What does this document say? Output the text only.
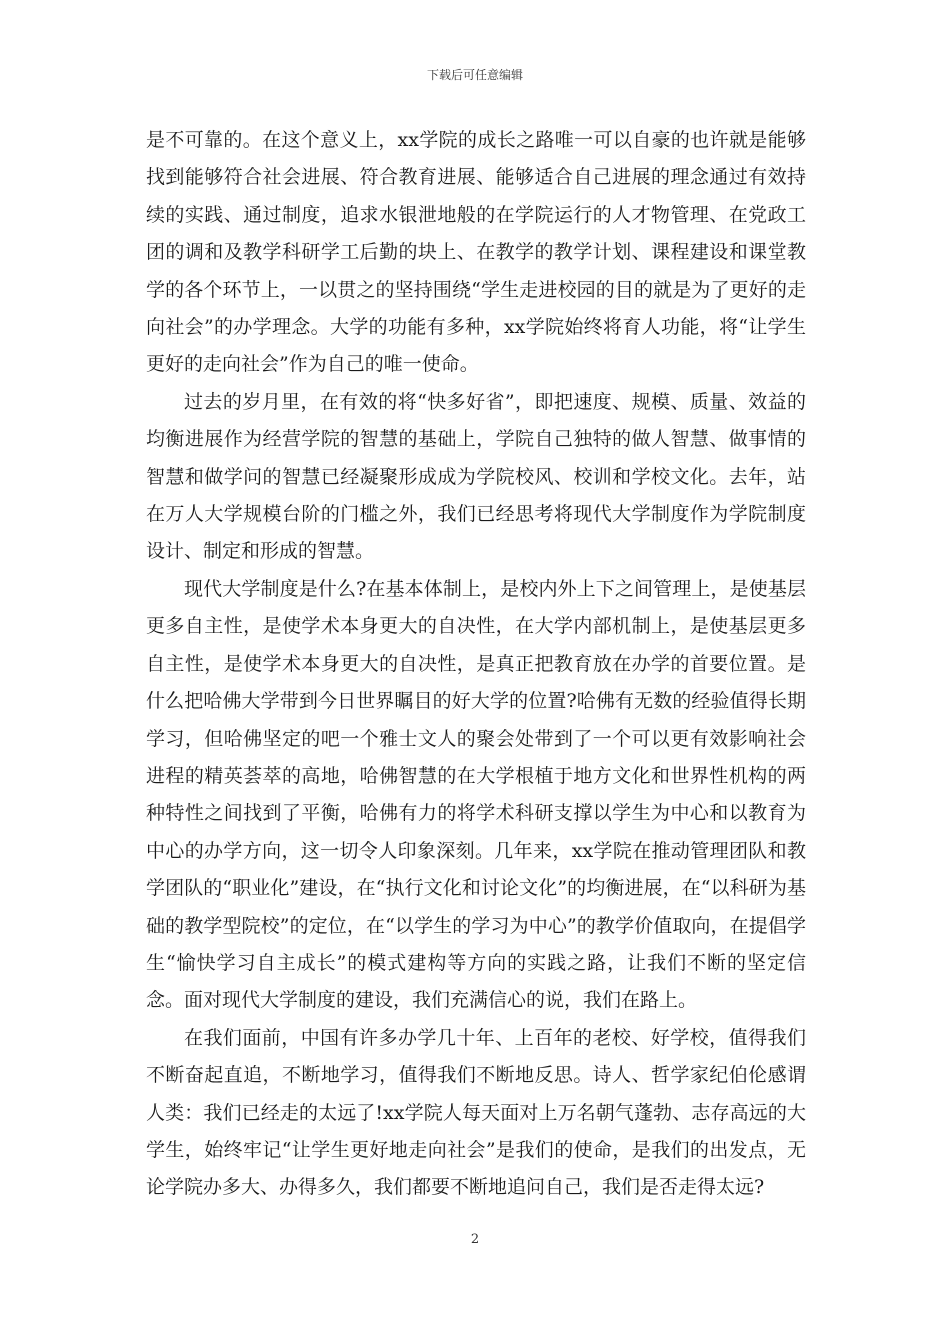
下载后可任意编辑

是不可靠的。在这个意义上，xx学院的成长之路唯一可以自豪的也许就是能够找到能够符合社会进展、符合教育进展、能够适合自己进展的理念通过有效持续的实践、通过制度，追求水银泄地般的在学院运行的人才物管理、在党政工团的调和及教学科研学工后勤的块上、在教学的教学计划、课程建设和课堂教学的各个环节上，一以贯之的坚持围绕“学生走进校园的目的就是为了更好的走向社会”的办学理念。大学的功能有多种，xx学院始终将育人功能，将“让学生更好的走向社会”作为自己的唯一使命。

过去的岁月里，在有效的将“快多好省”，即把速度、规模、质量、效益的均衡进展作为经营学院的智慧的基础上，学院自己独特的做人智慧、做事情的智慧和做学问的智慧已经凝聚形成成为学院校风、校训和学校文化。去年，站在万人大学规模台阶的门槛之外，我们已经思考将现代大学制度作为学院制度设计、制定和形成的智慧。

现代大学制度是什么?在基本体制上，是校内外上下之间管理上，是使基层更多自主性，是使学术本身更大的自决性，在大学内部机制上，是使基层更多自主性，是使学术本身更大的自决性，是真正把教育放在办学的首要位置。是什么把哈佛大学带到今日世界瞩目的好大学的位置?哈佛有无数的经验值得长期学习，但哈佛坚定的吧一个雅士文人的聚会处带到了一个可以更有效影响社会进程的精英荟萃的高地，哈佛智慧的在大学根植于地方文化和世界性机构的两种特性之间找到了平衡，哈佛有力的将学术科研支撑以学生为中心和以教育为中心的办学方向，这一切令人印象深刻。几年来，xx学院在推动管理团队和教学团队的“职业化”建设，在“执行文化和讨论文化”的均衡进展，在“以科研为基础的教学型院校”的定位，在“以学生的学习为中心”的教学价值取向，在提倡学生“愉快学习自主成长”的模式建构等方向的实践之路，让我们不断的坚定信念。面对现代大学制度的建设，我们充满信心的说，我们在路上。

在我们面前，中国有许多办学几十年、上百年的老校、好学校，值得我们不断奋起直追，不断地学习，值得我们不断地反思。诗人、哲学家纪伯伦感谓人类：我们已经走的太远了!xx学院人每天面对上万名朝气蓬勃、志存高远的大学生，始终牢记“让学生更好地走向社会”是我们的使命，是我们的出发点，无论学院办多大、办得多久，我们都要不断地追问自己，我们是否走得太远?

2
